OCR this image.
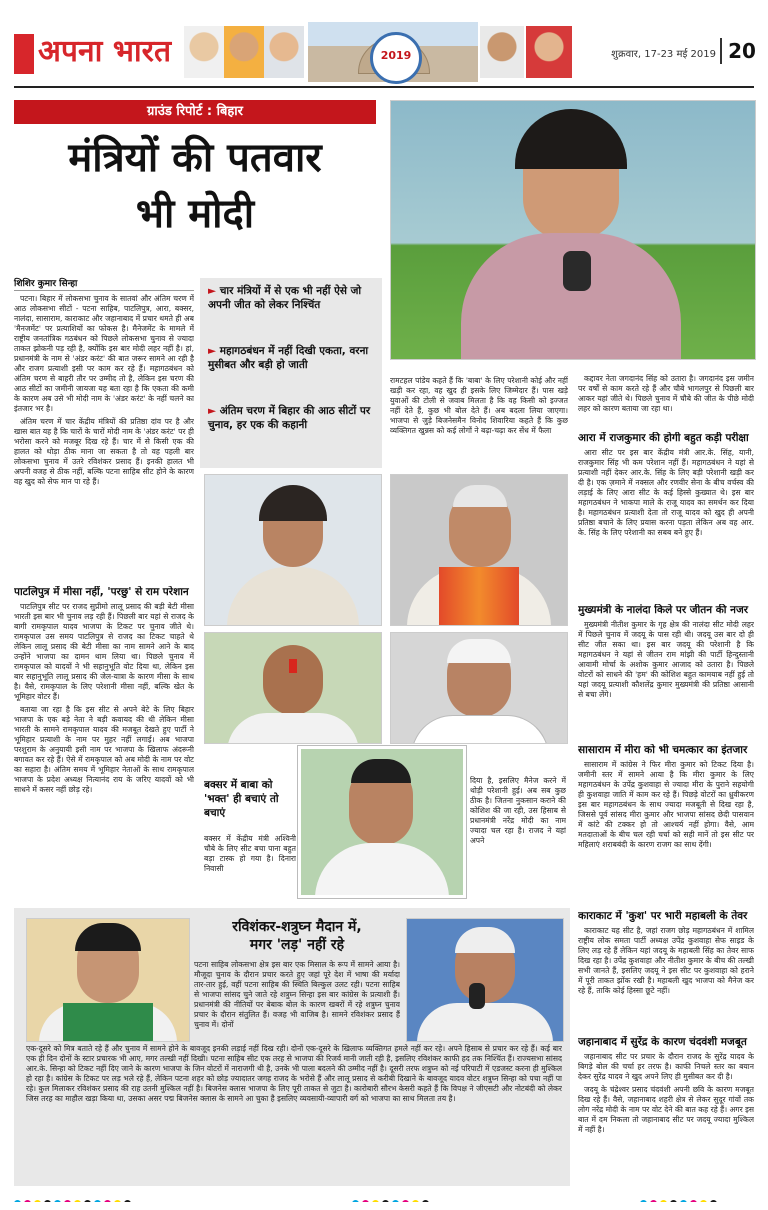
अपना भारत	2019	शुक्रवार, 17-23 मई 2019 20
ग्राउंड रिपोर्ट : बिहार
मंत्रियों की पतवार
भी मोदी
शिशिर कुमार सिन्हा
► चार मंत्रियों में से एक भी नहीं ऐसे जो अपनी जीत को लेकर निश्चिंत
► महागठबंधन में नहीं दिखी एकता, वरना मुसीबत और बड़ी हो जाती
► अंतिम चरण में बिहार की आठ सीटों पर चुनाव, हर एक की कहानी

पटना। बिहार में लोकसभा चुनाव के सातवां और अंतिम चरण में आठ लोकसभा सीटों - पटना साहिब, पाटलिपुत्र, आरा, बक्सर, नालंदा, सासाराम, काराकाट और जहानाबाद में प्रचार थमते ही अब 'मैनजमेंट' पर प्रत्याशियों का फोकस है। मैनेजमेंट के मामले में राष्ट्रीय जनतांत्रिक गठबंधन को पिछले लोकसभा चुनाव से ज्यादा ताकत झोकनी पड़ रही है, क्योंकि इस बार मोदी लहर नहीं है। हां, प्रधानमंत्री के नाम से 'अंडर करंट' की बात जरूर सामने आ रही है और राजग प्रत्याशी इसी पर काम कर रहे हैं। महागठबंधन को अंतिम चरण से बाहरी तौर पर उम्मीद तो है, लेकिन इस चरण की आठ सीटों का जमीनी जायजा यह बता रहा है कि एकता की कमी के कारण अब उसे भी मोदी नाम के 'अंडर करंट' के नहीं चलने का इंतजार भर है।

अंतिम चरण में चार केंद्रीय मंत्रियों की प्रतिष्ठा दांव पर है और खास बात यह है कि चारों के चारों मोदी नाम के 'अंडर करंट' पर ही भरोसा करने को मजबूर दिख रहे हैं। चार में से किसी एक की हालत को थोड़ा ठीक माना जा सकता है तो वह पहली बार लोकसभा चुनाव में उतरे रविशंकर प्रसाद हैं। इनकी हालत भी अपनी वजह से ठीक नहीं, बल्कि पटना साहिब सीट होने के कारण वह खुद को सेफ मान पा रहे हैं।

पाटलिपुत्र में मीसा नहीं, 'परछु' से राम परेशान

पाटलिपुत्र सीट पर राजद सुप्रीमो लालू प्रसाद की बड़ी बेटी मीसा भारती इस बार भी चुनाव लड़ रही हैं। पिछली बार यहां से राजद के बागी रामकृपाल यादव भाजपा के टिकट पर चुनाव जीते थे। रामकृपाल उस समय पाटलिपुत्र से राजद का टिकट चाहते थे लेकिन लालू प्रसाद की बेटी मीसा का नाम सामने आने के बाद उन्होंने भाजपा का दामन थाम लिया था। पिछले चुनाव में रामकृपाल को यादवों ने भी सहानुभूति वोट दिया था, लेकिन इस बार सहानुभूति लालू प्रसाद की जेल-यात्रा के कारण मीसा के साथ है। वैसे, रामकृपाल के लिए परेशानी मीसा नहीं, बल्कि खेत के भूमिहार वोटर हैं।

बताया जा रहा है कि इस सीट से अपने बेटे के लिए बिहार भाजपा के एक बड़े नेता ने बड़ी कवायद की थी लेकिन मीसा भारती के सामने रामकृपाल यादव की मजबूत देखते हुए पार्टी ने भूमिहार प्रत्याशी के नाम पर मुहर नहीं लगाई। अब भाजपा परशुराम के अनुयायी इसी नाम पर भाजपा के खिलाफ अंदरूनी बगावत कर रहे हैं। ऐसे में रामकृपाल को अब मोदी के नाम पर वोट का सहारा है। अंतिम समय में भूमिहार नेताओं के साथ रामकृपाल भाजपा के प्रदेश अध्यक्ष नित्यानंद राय के जरिए यादवों को भी साधने में कसर नहीं छोड़ रहे।

रामटहल पांडेय कहते हैं कि 'बाबा' के लिए परेशानी कोई और नहीं खड़ी कर रहा, वह खुद ही इसके लिए जिम्मेदार हैं। पास खड़े युवाओं की टोली से जवाब मिलता है कि वह किसी को इज्जत नहीं देते हैं, कुछ भी बोल देते हैं। अब बदला लिया जाएगा। भाजपा से जुड़े बिजनेसमैन विनोद शिवारिया कहते हैं कि कुछ व्यक्तिगत खुन्नस को कई लोगों ने बढ़ा-चढ़ा कर सेंध में फैला
बक्सर में बाबा को 'भक्त' ही बचाएं तो बचाएं
बक्सर में केंद्रीय मंत्री अश्विनी चौबे के लिए सीट बचा पाना बहुत बड़ा टास्क हो गया है। दिनारा निवासी
दिया है, इसलिए मैनेज करने में थोड़ी परेशानी हुई। अब सब कुछ ठीक है। जितना नुकसान कराने की कोशिश की जा रही, उस हिसाब से प्रधानमंत्री नरेंद्र मोदी का नाम ज्यादा चल रहा है। राजद ने यहां अपने

कद्दावर नेता जगदानंद सिंह को उतारा है। जगदानंद इस जमीन पर वर्षों से काम करते रहे हैं और चौबे भागलपुर से पिछली बार आकर यहां जीते थे। पिछले चुनाव में चौबे की जीत के पीछे मोदी लहर को कारण बताया जा रहा था।

आरा में राजकुमार की होगी बहुत कड़ी परीक्षा

आरा सीट पर इस बार केंद्रीय मंत्री आर.के. सिंह, यानी, राजकुमार सिंह भी कम परेशान नहीं हैं। महागठबंधन ने यहां से प्रत्याशी नहीं देकर आर.के. सिंह के लिए बड़ी परेशानी खड़ी कर दी है। एक ज़माने में नक्सल और रणवीर सेना के बीच वर्चस्व की लड़ाई के लिए आरा सीट के कई हिस्से कुख्यात थे। इस बार महागठबंधन ने भाकपा माले के राजू यादव का समर्थन कर दिया है। महागठबंधन प्रत्याशी देता तो राजू यादव को खुद ही अपनी प्रतिष्ठा बचाने के लिए प्रयास करना पड़ता लेकिन अब वह आर. के. सिंह के लिए परेशानी का सबब बने हुए हैं।

मुख्यमंत्री के नालंदा किले पर जीतन की नजर

मुख्यमंत्री नीतीश कुमार के गृह क्षेत्र की नालंदा सीट मोदी लहर में पिछले चुनाव में जदयू के पास रही थी। जदयू उस बार दो ही सीट जीत सका था। इस बार जदयू की परेशानी है कि महागठबंधन ने यहां से जीतन राम मांझी की पार्टी हिन्दुस्तानी आवामी मोर्चा के अशोक कुमार आजाद को उतारा है। पिछले वोटरों को साधने की 'हम' की कोशिश बहुत कामयाब नहीं हुई तो यहां जदयू प्रत्याशी कौशलेंद्र कुमार मुख्यमंत्री की प्रतिष्ठा आसानी से बचा लेंगे।

सासाराम में मीरा को भी चमत्कार का इंतजार

सासाराम में कांग्रेस ने फिर मीरा कुमार को टिकट दिया है। जमीनी स्तर में सामने आया है कि मीरा कुमार के लिए महागठबंधन के उपेंद्र कुशवाहा से ज्यादा मीरा के पुराने सहयोगी ही कुशवाहा जाति में काम कर रहे हैं। पिछड़े वोटरों का ध्रुवीकरण इस बार महागठबंधन के साथ ज्यादा मजबूती से दिख रहा है, जिससे पूर्व सांसद मीरा कुमार और भाजपा सांसद छेदी पासवान में कांटे की टक्कर हो तो आश्चर्य नहीं होगा। वैसे, आम मतदाताओं के बीच चल रही चर्चा को सही मानें तो इस सीट पर महिलाएं शराबबंदी के कारण राजग का साथ देंगी।

काराकाट में 'कुश' पर भारी महाबली के तेवर

काराकाट यह सीट है, जहां राजग छोड़ महागठबंधन में शामिल राष्ट्रीय लोक समता पार्टी अध्यक्ष उपेंद्र कुशवाहा सेफ साइड के लिए लड़ रहे हैं लेकिन यहां जदयू के महाबली सिंह का तेवर साफ दिख रहा है। उपेंद्र कुशवाहा और नीतीश कुमार के बीच की तल्खी सभी जानते हैं, इसलिए जदयू ने इस सीट पर कुशवाहा को हराने में पूरी ताकत झोंक रखी है। महाबली खुद भाजपा को मैनेज कर रहे हैं, ताकि कोई हिस्सा छूटे नहीं।

जहानाबाद में सुरेंद्र के कारण चंदवंशी मजबूत

जहानाबाद सीट पर प्रचार के दौरान राजद के सुरेंद्र यादव के बिगड़े बोल की चर्चा हर तरफ है। काफी निचले स्तर का बयान देकर सुरेंद्र यादव ने खुद अपने लिए ही मुसीबत कर दी है।

जदयू के चंद्रेश्वर प्रसाद चंदवंशी अपनी छवि के कारण मजबूत दिख रहे हैं। वैसे, जहानाबाद शहरी क्षेत्र से लेकर सुदूर गांवों तक लोग नरेंद्र मोदी के नाम पर वोट देने की बात कह रहे हैं। अगर इस बात में दम निकला तो जहानाबाद सीट पर जदयू ज्यादा मुश्किल में नहीं है।

रविशंकर-शत्रुघ्न मैदान में,
मगर 'लड़' नहीं रहे
पटना साहिब लोकसभा क्षेत्र इस बार एक मिसाल के रूप में सामने आया है। मौजूदा चुनाव के दौरान प्रचार करते हुए जहां पूरे देश में भाषा की मर्यादा तार-तार हुई, वहीं पटना साहिब की स्थिति बिल्कुल उलट रही। पटना साहिब से भाजपा सांसद चुने जाते रहे शत्रुघ्न सिन्हा इस बार कांग्रेस के प्रत्याशी हैं। प्रधानमंत्री की नीतियों पर बेबाक बोल के कारण खबरों में रहे शत्रुघ्न चुनाव प्रचार के दौरान संतुलित हैं। वजह भी वाजिब है। सामने रविशंकर प्रसाद हैं चुनाव में। दोनों
एक-दूसरे को मित्र बताते रहे हैं और चुनाव में सामने होने के बावजूद इनकी लड़ाई नहीं दिख रही। दोनों एक-दूसरे के खिलाफ व्यक्तिगत हमले नहीं कर रहे। अपने हिसाब से प्रचार कर रहे हैं। कई बार एक ही दिन दोनों के स्टार प्रचारक भी आए, मगर तल्खी नहीं दिखी। पटना साहिब सीट एक तरह से भाजपा की रिजर्व मानी जाती रही है, इसलिए रविशंकर काफी हद तक निश्चिंत हैं। राज्यसभा सांसद आर.के. सिन्हा को टिकट नहीं दिए जाने के कारण भाजपा के जिन वोटरों में नाराजगी थी है, उनके भी पाला बदलने की उम्मीद नहीं है। दूसरी तरफ शत्रुघ्न को नई परिपाटी में एडजस्ट करना ही मुश्किल हो रहा है। कांग्रेस के टिकट पर लड़ भले रहे हैं, लेकिन पटना शहर को छोड़ ज्यादातर जगह राजद के भरोसे हैं और लालू प्रसाद से करीबी दिखाने के बावजूद यादव वोटर शत्रुघ्न सिन्हा को पचा नहीं पा रहे। कुल मिलाकर रविशंकर प्रसाद की राह उतनी मुश्किल नहीं है। बिजनेस क्लास भाजपा के लिए पूरी ताकत से जुटा है। कारोबारी सौरभ केसरी कहते हैं कि विपक्ष ने जीएसटी और नोटबंदी को लेकर जिस तरह का माहौल खड़ा किया था, उसका असर पद्म बिजनेस क्लास के सामने आ चुका है इसलिए व्यवसायी-व्यापारी वर्ग को भाजपा का साथ मिलता तय है।
